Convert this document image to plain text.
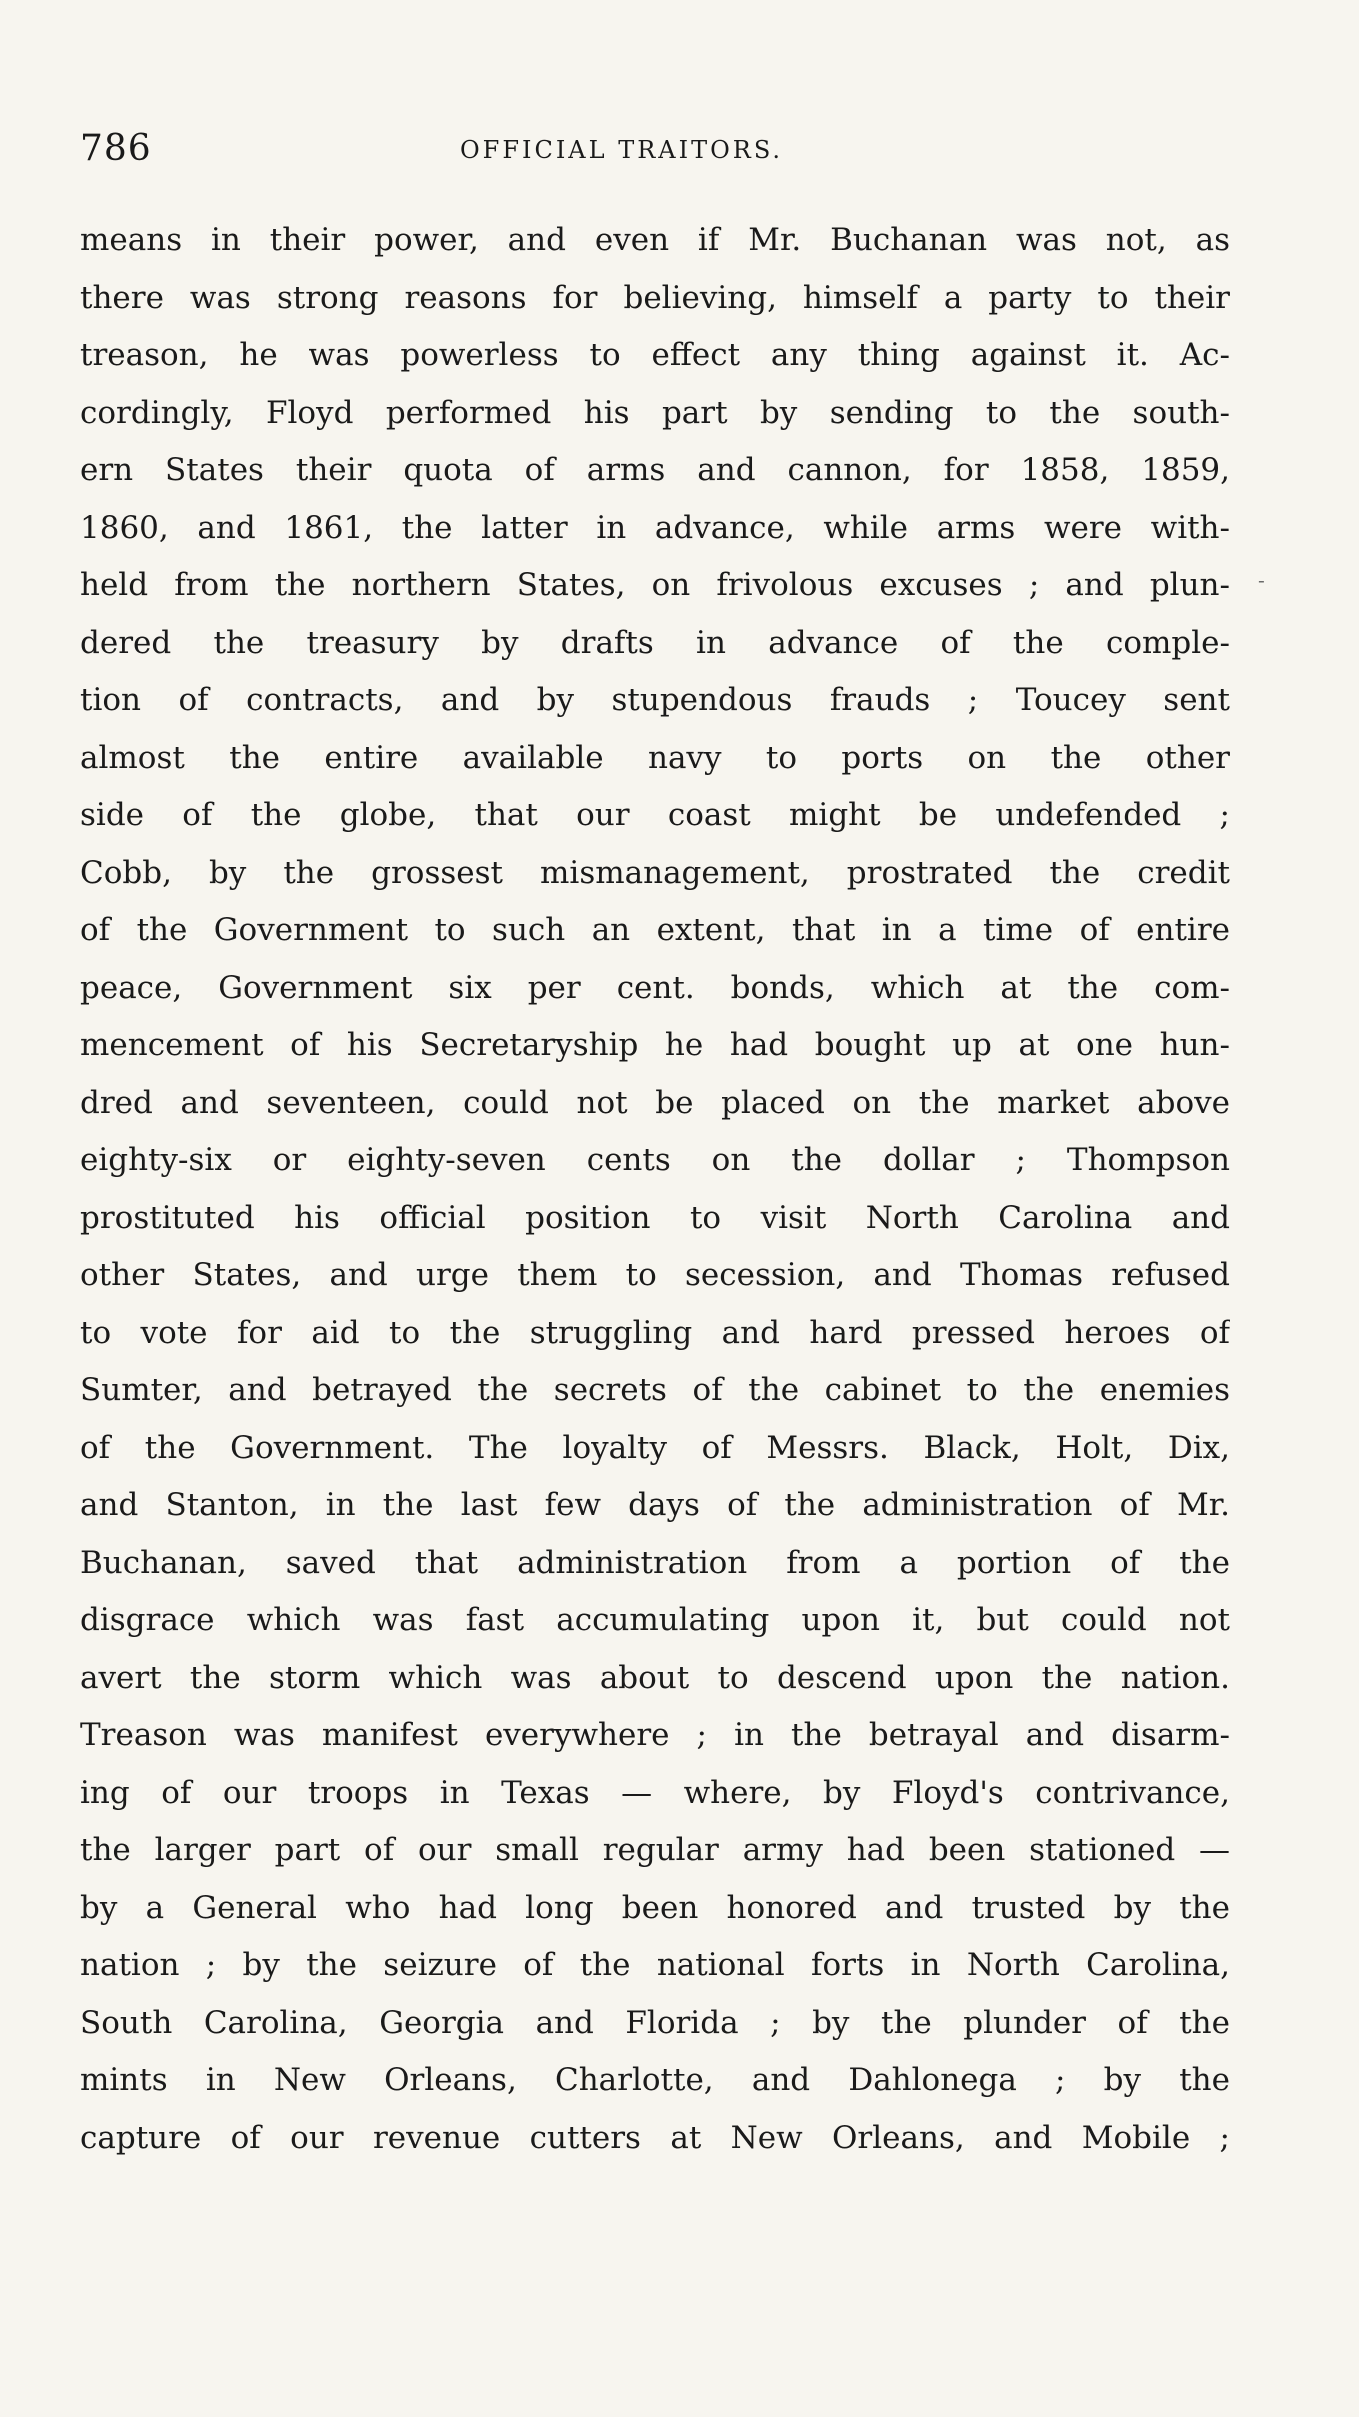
786	OFFICIAL TRAITORS.
-
means in their power, and even if Mr. Buchanan was not, as
there was strong reasons for believing, himself a party to their
treason, he was powerless to effect any thing against it. Ac-
cordingly, Floyd performed his part by sending to the south-
ern States their quota of arms and cannon, for 1858, 1859,
1860, and 1861, the latter in advance, while arms were with-
held from the northern States, on frivolous excuses ; and plun-
dered the treasury by drafts in advance of the comple-
tion of contracts, and by stupendous frauds ; Toucey sent
almost the entire available navy to ports on the other
side of the globe, that our coast might be undefended ;
Cobb, by the grossest mismanagement, prostrated the credit
of the Government to such an extent, that in a time of entire
peace, Government six per cent. bonds, which at the com-
mencement of his Secretaryship he had bought up at one hun-
dred and seventeen, could not be placed on the market above
eighty-six or eighty-seven cents on the dollar ; Thompson
prostituted his official position to visit North Carolina and
other States, and urge them to secession, and Thomas refused
to vote for aid to the struggling and hard pressed heroes of
Sumter, and betrayed the secrets of the cabinet to the enemies
of the Government. The loyalty of Messrs. Black, Holt, Dix,
and Stanton, in the last few days of the administration of Mr.
Buchanan, saved that administration from a portion of the
disgrace which was fast accumulating upon it, but could not
avert the storm which was about to descend upon the nation.
Treason was manifest everywhere ; in the betrayal and disarm-
ing of our troops in Texas — where, by Floyd's contrivance,
the larger part of our small regular army had been stationed —
by a General who had long been honored and trusted by the
nation ; by the seizure of the national forts in North Carolina,
South Carolina, Georgia and Florida ; by the plunder of the
mints in New Orleans, Charlotte, and Dahlonega ; by the
capture of our revenue cutters at New Orleans, and Mobile ;
